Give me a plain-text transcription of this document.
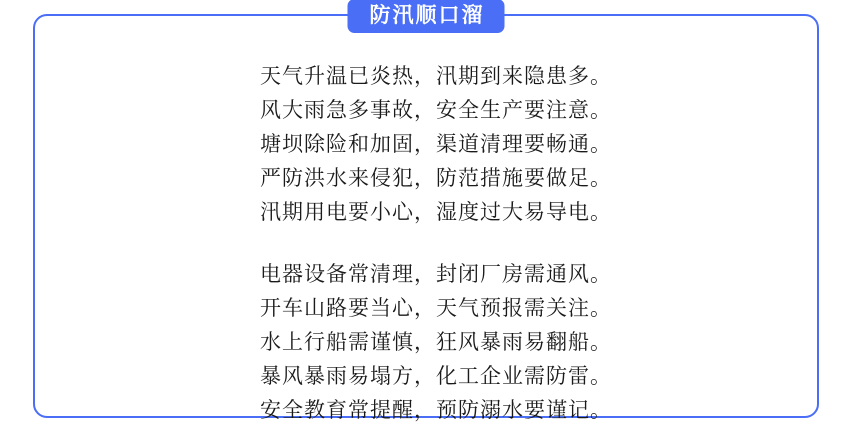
防汛顺口溜
天气升温已炎热，汛期到来隐患多。
风大雨急多事故，安全生产要注意。
塘坝除险和加固，渠道清理要畅通。
严防洪水来侵犯，防范措施要做足。
汛期用电要小心，湿度过大易导电。
电器设备常清理，封闭厂房需通风。
开车山路要当心，天气预报需关注。
水上行船需谨慎，狂风暴雨易翻船。
暴风暴雨易塌方，化工企业需防雷。
安全教育常提醒，预防溺水要谨记。
